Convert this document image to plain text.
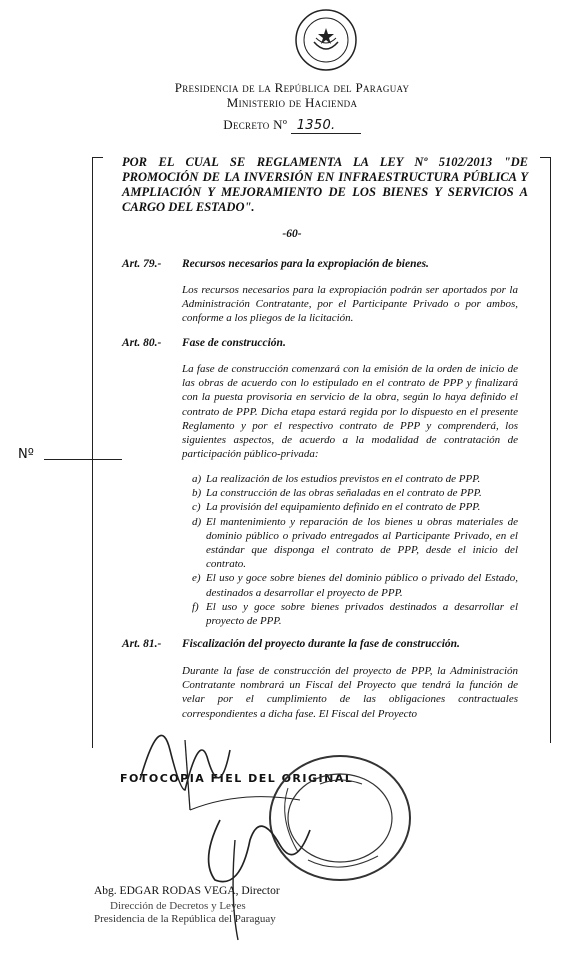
Presidencia de la República del Paraguay
Ministerio de Hacienda
Decreto Nº 1350.
POR EL CUAL SE REGLAMENTA LA LEY Nº 5102/2013 "DE PROMOCIÓN DE LA INVERSIÓN EN INFRAESTRUCTURA PÚBLICA Y AMPLIACIÓN Y MEJORAMIENTO DE LOS BIENES Y SERVICIOS A CARGO DEL ESTADO".
-60-
Art. 79.- Recursos necesarios para la expropiación de bienes.
Los recursos necesarios para la expropiación podrán ser aportados por la Administración Contratante, por el Participante Privado o por ambos, conforme a los pliegos de la licitación.
Art. 80.- Fase de construcción.
La fase de construcción comenzará con la emisión de la orden de inicio de las obras de acuerdo con lo estipulado en el contrato de PPP y finalizará con la puesta provisoria en servicio de la obra, según lo haya definido el contrato de PPP. Dicha etapa estará regida por lo dispuesto en el presente Reglamento y por el respectivo contrato de PPP y comprenderá, los siguientes aspectos, de acuerdo a la modalidad de contratación de participación público-privada:
a) La realización de los estudios previstos en el contrato de PPP.
b) La construcción de las obras señaladas en el contrato de PPP.
c) La provisión del equipamiento definido en el contrato de PPP.
d) El mantenimiento y reparación de los bienes u obras materiales de dominio público o privado entregados al Participante Privado, en el estándar que disponga el contrato de PPP, desde el inicio del contrato.
e) El uso y goce sobre bienes del dominio público o privado del Estado, destinados a desarrollar el proyecto de PPP.
f) El uso y goce sobre bienes privados destinados a desarrollar el proyecto de PPP.
Art. 81.- Fiscalización del proyecto durante la fase de construcción.
Durante la fase de construcción del proyecto de PPP, la Administración Contratante nombrará un Fiscal del Proyecto que tendrá la función de velar por el cumplimiento de las obligaciones contractuales correspondientes a dicha fase. El Fiscal del Proyecto
Nº
FOTOCOPIA FIEL DEL ORIGINAL
Abg. EDGAR RODAS VEGA, Director
Dirección de Decretos y Leyes
Presidencia de la República del Paraguay
